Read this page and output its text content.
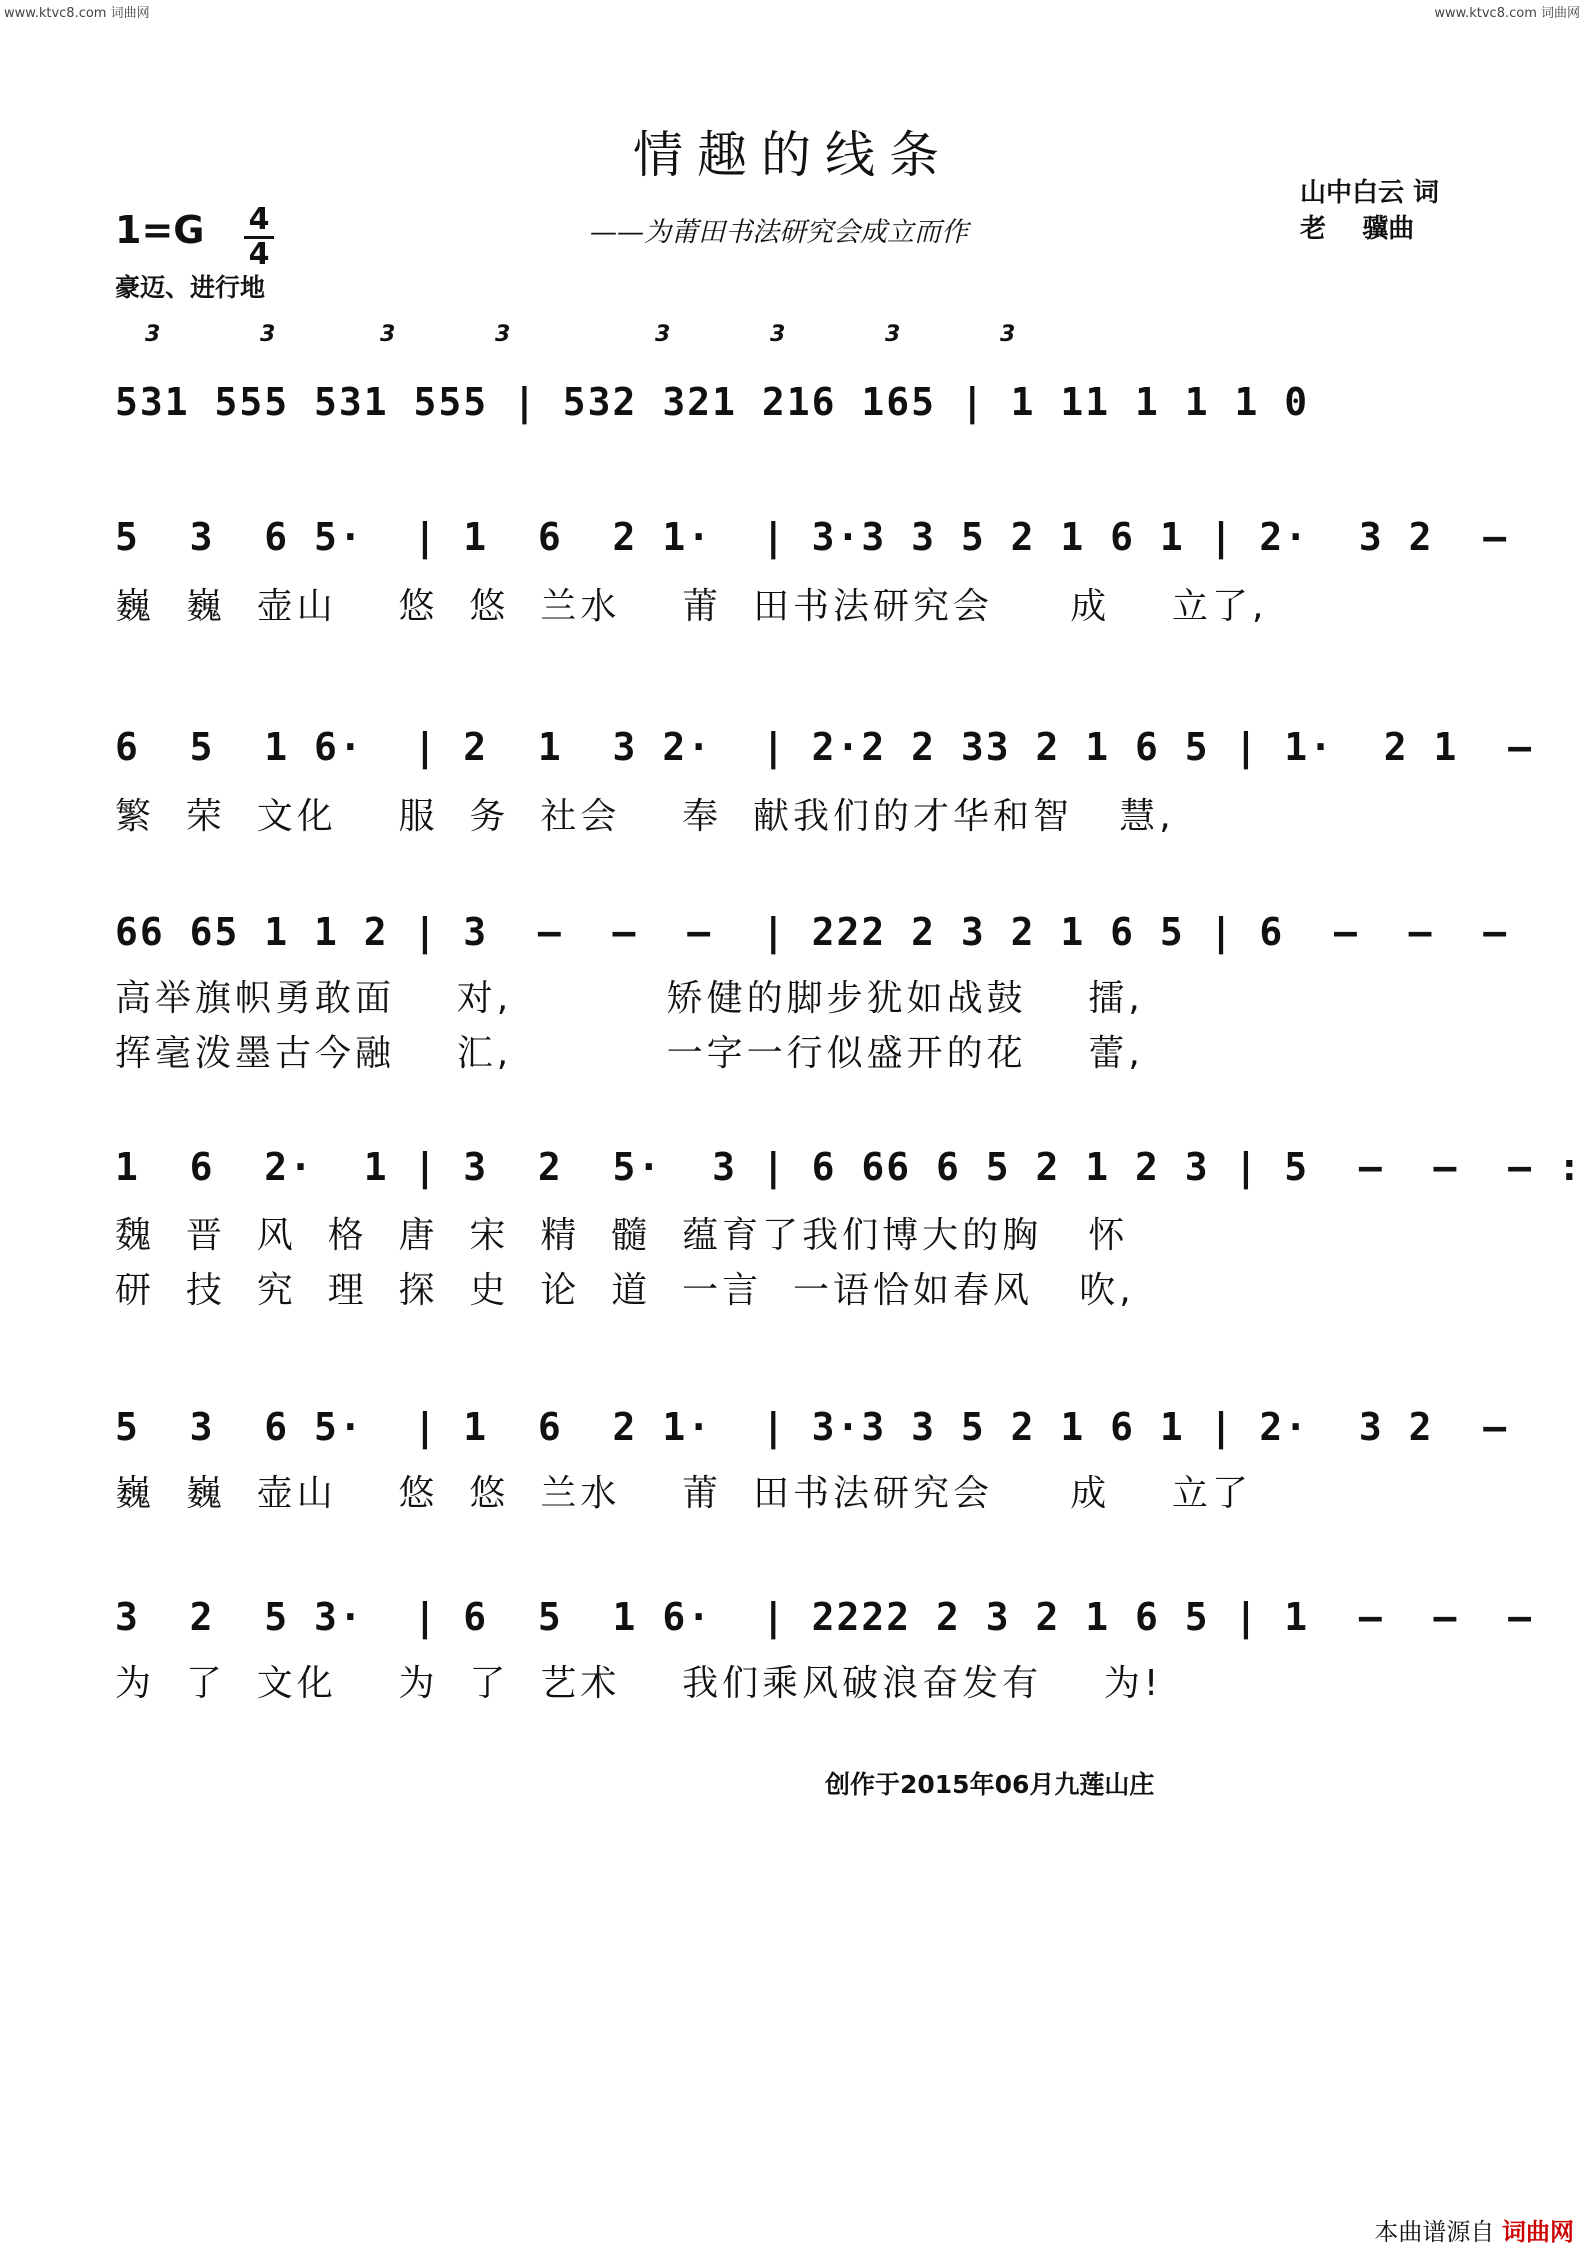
www.ktvc8.com 词曲网	www.ktvc8.com 词曲网
情趣的线条
——为莆田书法研究会成立而作
山中白云 词
老    骥曲
1=G 4
4
豪迈、进行地
3	3	3	3	3	3	3	3
531 555 531 555 | 532 321 216 165 | 1 11 1 1 1 0
5  3  6 5·  | 1  6  2 1·  | 3·3 3 5 2 1 6 1 | 2·  3 2  –
巍  巍  壶山    悠  悠  兰水    莆  田书法研究会     成    立了,
6  5  1 6·  | 2  1  3 2·  | 2·2 2 33 2 1 6 5 | 1·  2 1  –
繁  荣  文化    服  务  社会    奉  献我们的才华和智   慧,
66 65 1 1 2 | 3  –  –  –  | 222 2 3 2 1 6 5 | 6  –  –  –
高举旗帜勇敢面    对,          矫健的脚步犹如战鼓    擂,
挥毫泼墨古今融    汇,          一字一行似盛开的花    蕾,
1  6  2·  1 | 3  2  5·  3 | 6 66 6 5 2 1 2 3 | 5  –  –  – :
魏  晋  风  格  唐  宋  精  髓  蕴育了我们博大的胸   怀
研  技  究  理  探  史  论  道  一言  一语恰如春风   吹,
5  3  6 5·  | 1  6  2 1·  | 3·3 3 5 2 1 6 1 | 2·  3 2  –
巍  巍  壶山    悠  悠  兰水    莆  田书法研究会     成    立了
3  2  5 3·  | 6  5  1 6·  | 2222 2 3 2 1 6 5 | 1  –  –  –
为  了  文化    为  了  艺术    我们乘风破浪奋发有    为!
创作于2015年06月九莲山庄
本曲谱源自 词曲网
